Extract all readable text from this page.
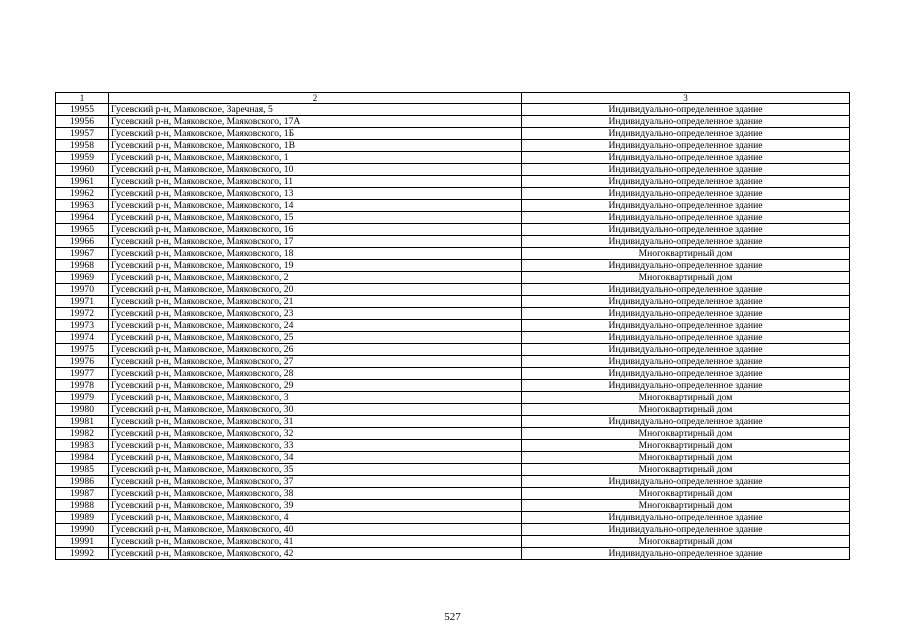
1	2	3
19955	Гусевский р-н, Маяковское, Заречная, 5	Индивидуально-определенное здание
19956	Гусевский р-н, Маяковское, Маяковского, 17А	Индивидуально-определенное здание
19957	Гусевский р-н, Маяковское, Маяковского, 1Б	Индивидуально-определенное здание
19958	Гусевский р-н, Маяковское, Маяковского, 1В	Индивидуально-определенное здание
19959	Гусевский р-н, Маяковское, Маяковского, 1	Индивидуально-определенное здание
19960	Гусевский р-н, Маяковское, Маяковского, 10	Индивидуально-определенное здание
19961	Гусевский р-н, Маяковское, Маяковского, 11	Индивидуально-определенное здание
19962	Гусевский р-н, Маяковское, Маяковского, 13	Индивидуально-определенное здание
19963	Гусевский р-н, Маяковское, Маяковского, 14	Индивидуально-определенное здание
19964	Гусевский р-н, Маяковское, Маяковского, 15	Индивидуально-определенное здание
19965	Гусевский р-н, Маяковское, Маяковского, 16	Индивидуально-определенное здание
19966	Гусевский р-н, Маяковское, Маяковского, 17	Индивидуально-определенное здание
19967	Гусевский р-н, Маяковское, Маяковского, 18	Многоквартирный дом
19968	Гусевский р-н, Маяковское, Маяковского, 19	Индивидуально-определенное здание
19969	Гусевский р-н, Маяковское, Маяковского, 2	Многоквартирный дом
19970	Гусевский р-н, Маяковское, Маяковского, 20	Индивидуально-определенное здание
19971	Гусевский р-н, Маяковское, Маяковского, 21	Индивидуально-определенное здание
19972	Гусевский р-н, Маяковское, Маяковского, 23	Индивидуально-определенное здание
19973	Гусевский р-н, Маяковское, Маяковского, 24	Индивидуально-определенное здание
19974	Гусевский р-н, Маяковское, Маяковского, 25	Индивидуально-определенное здание
19975	Гусевский р-н, Маяковское, Маяковского, 26	Индивидуально-определенное здание
19976	Гусевский р-н, Маяковское, Маяковского, 27	Индивидуально-определенное здание
19977	Гусевский р-н, Маяковское, Маяковского, 28	Индивидуально-определенное здание
19978	Гусевский р-н, Маяковское, Маяковского, 29	Индивидуально-определенное здание
19979	Гусевский р-н, Маяковское, Маяковского, 3	Многоквартирный дом
19980	Гусевский р-н, Маяковское, Маяковского, 30	Многоквартирный дом
19981	Гусевский р-н, Маяковское, Маяковского, 31	Индивидуально-определенное здание
19982	Гусевский р-н, Маяковское, Маяковского, 32	Многоквартирный дом
19983	Гусевский р-н, Маяковское, Маяковского, 33	Многоквартирный дом
19984	Гусевский р-н, Маяковское, Маяковского, 34	Многоквартирный дом
19985	Гусевский р-н, Маяковское, Маяковского, 35	Многоквартирный дом
19986	Гусевский р-н, Маяковское, Маяковского, 37	Индивидуально-определенное здание
19987	Гусевский р-н, Маяковское, Маяковского, 38	Многоквартирный дом
19988	Гусевский р-н, Маяковское, Маяковского, 39	Многоквартирный дом
19989	Гусевский р-н, Маяковское, Маяковского, 4	Индивидуально-определенное здание
19990	Гусевский р-н, Маяковское, Маяковского, 40	Индивидуально-определенное здание
19991	Гусевский р-н, Маяковское, Маяковского, 41	Многоквартирный дом
19992	Гусевский р-н, Маяковское, Маяковского, 42	Индивидуально-определенное здание
527
